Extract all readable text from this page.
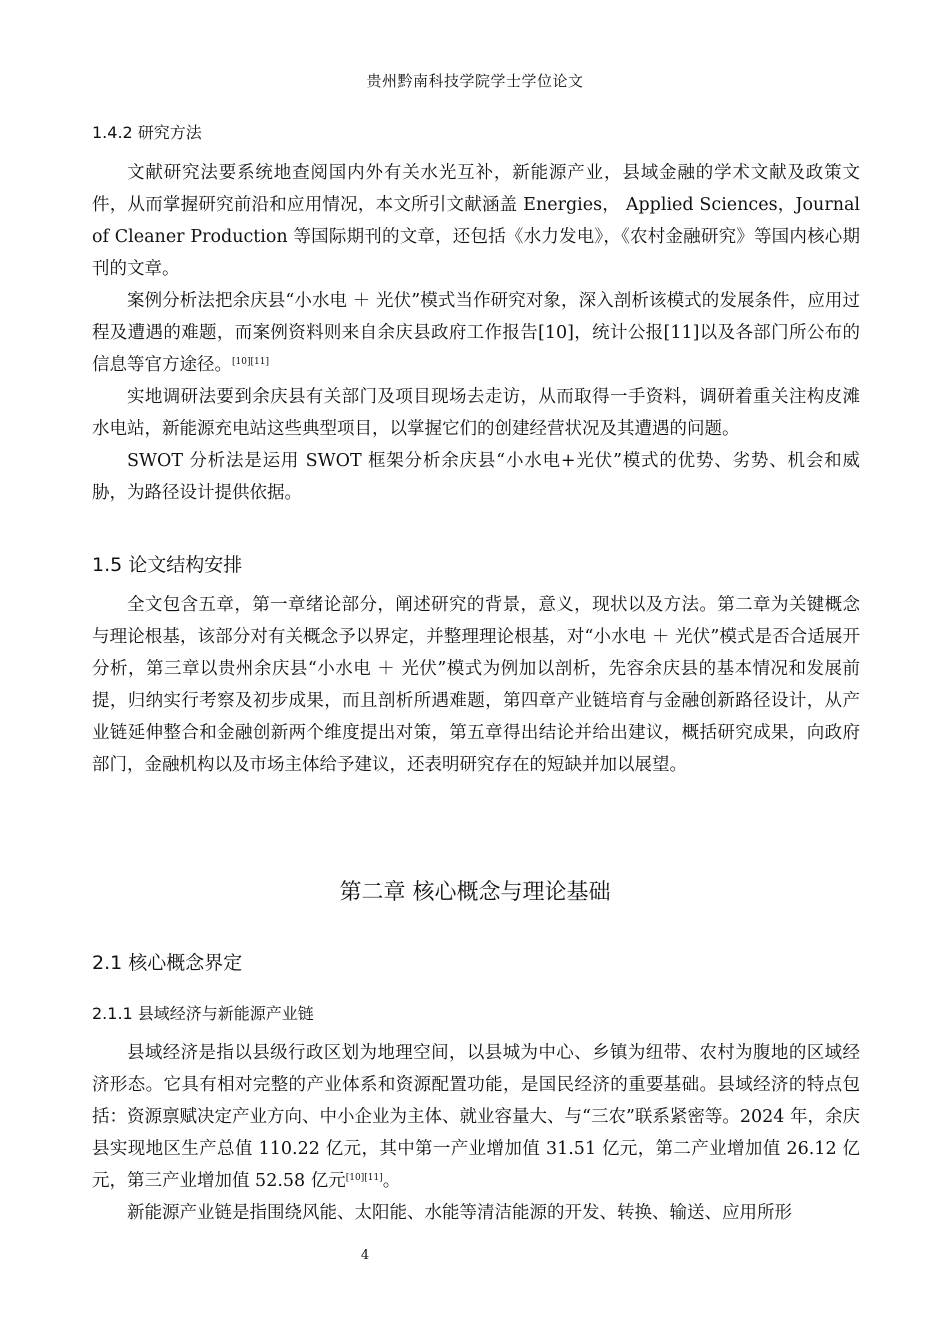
贵州黔南科技学院学士学位论文
1.4.2 研究方法

文献研究法要系统地查阅国内外有关水光互补，新能源产业，县域金融的学术文献及政策文件，从而掌握研究前沿和应用情况，本文所引文献涵盖 Energies， Applied Sciences，Journal of Cleaner Production 等国际期刊的文章，还包括《水力发电》，《农村金融研究》等国内核心期刊的文章。

案例分析法把余庆县“小水电 ＋ 光伏”模式当作研究对象，深入剖析该模式的发展条件，应用过程及遭遇的难题，而案例资料则来自余庆县政府工作报告[10]，统计公报[11]以及各部门所公布的信息等官方途径。[10][11]

实地调研法要到余庆县有关部门及项目现场去走访，从而取得一手资料，调研着重关注构皮滩水电站，新能源充电站这些典型项目，以掌握它们的创建经营状况及其遭遇的问题。

SWOT 分析法是运用 SWOT 框架分析余庆县“小水电+光伏”模式的优势、劣势、机会和威胁，为路径设计提供依据。

1.5 论文结构安排

全文包含五章，第一章绪论部分，阐述研究的背景，意义，现状以及方法。第二章为关键概念与理论根基，该部分对有关概念予以界定，并整理理论根基，对“小水电 ＋ 光伏”模式是否合适展开分析，第三章以贵州余庆县“小水电 ＋ 光伏”模式为例加以剖析，先容余庆县的基本情况和发展前提，归纳实行考察及初步成果，而且剖析所遇难题，第四章产业链培育与金融创新路径设计，从产业链延伸整合和金融创新两个维度提出对策，第五章得出结论并给出建议，概括研究成果，向政府部门，金融机构以及市场主体给予建议，还表明研究存在的短缺并加以展望。

第二章 核心概念与理论基础
2.1 核心概念界定
2.1.1 县域经济与新能源产业链

县域经济是指以县级行政区划为地理空间，以县城为中心、乡镇为纽带、农村为腹地的区域经济形态。它具有相对完整的产业体系和资源配置功能，是国民经济的重要基础。县域经济的特点包括：资源禀赋决定产业方向、中小企业为主体、就业容量大、与“三农”联系紧密等。2024 年，余庆县实现地区生产总值 110.22 亿元，其中第一产业增加值 31.51 亿元，第二产业增加值 26.12 亿元，第三产业增加值 52.58 亿元[10][11]。

新能源产业链是指围绕风能、太阳能、水能等清洁能源的开发、转换、输送、应用所形

4
